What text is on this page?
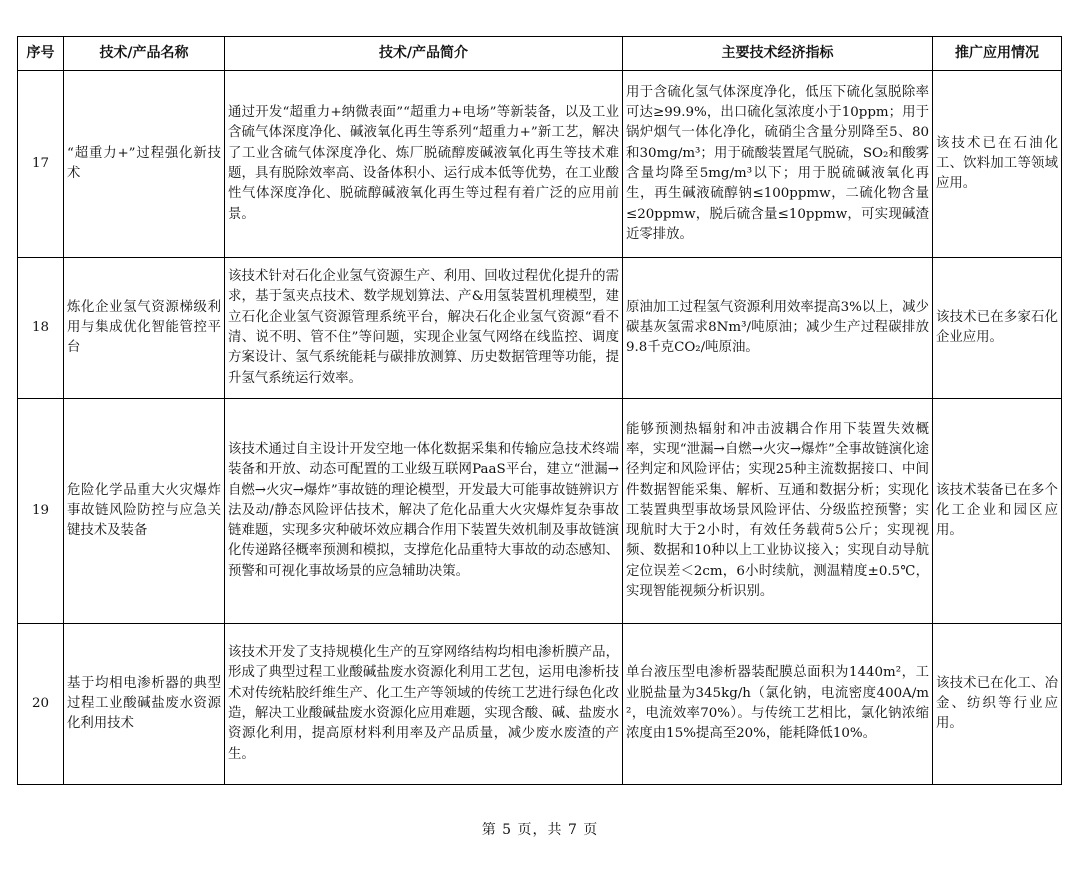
序号	技术/产品名称	技术/产品简介	主要技术经济指标	推广应用情况
17	“超重力+”过程强化新技术	通过开发“超重力+纳微表面”“超重力+电场”等新装备，以及工业含硫气体深度净化、碱液氧化再生等系列“超重力+”新工艺，解决了工业含硫气体深度净化、炼厂脱硫醇废碱液氧化再生等技术难题，具有脱除效率高、设备体积小、运行成本低等优势，在工业酸性气体深度净化、脱硫醇碱液氧化再生等过程有着广泛的应用前景。	用于含硫化氢气体深度净化，低压下硫化氢脱除率可达≥99.9%，出口硫化氢浓度小于10ppm；用于锅炉烟气一体化净化，硫硝尘含量分别降至5、80和30mg/m³；用于硫酸装置尾气脱硫，SO₂和酸雾含量均降至5mg/m³以下；用于脱硫碱液氧化再生，再生碱液硫醇钠≤100ppmw，二硫化物含量≤20ppmw，脱后硫含量≤10ppmw，可实现碱渣近零排放。	该技术已在石油化工、饮料加工等领域应用。
18	炼化企业氢气资源梯级利用与集成优化智能管控平台	该技术针对石化企业氢气资源生产、利用、回收过程优化提升的需求，基于氢夹点技术、数学规划算法、产&用氢装置机理模型，建立石化企业氢气资源管理系统平台，解决石化企业氢气资源“看不清、说不明、管不住”等问题，实现企业氢气网络在线监控、调度方案设计、氢气系统能耗与碳排放测算、历史数据管理等功能，提升氢气系统运行效率。	原油加工过程氢气资源利用效率提高3%以上，减少碳基灰氢需求8Nm³/吨原油；减少生产过程碳排放9.8千克CO₂/吨原油。	该技术已在多家石化企业应用。
19	危险化学品重大火灾爆炸事故链风险防控与应急关键技术及装备	该技术通过自主设计开发空地一体化数据采集和传输应急技术终端装备和开放、动态可配置的工业级互联网PaaS平台，建立“泄漏→自燃→火灾→爆炸”事故链的理论模型，开发最大可能事故链辨识方法及动/静态风险评估技术，解决了危化品重大火灾爆炸复杂事故链难题，实现多灾种破坏效应耦合作用下装置失效机制及事故链演化传递路径概率预测和模拟，支撑危化品重特大事故的动态感知、预警和可视化事故场景的应急辅助决策。	能够预测热辐射和冲击波耦合作用下装置失效概率，实现“泄漏→自燃→火灾→爆炸”全事故链演化途径判定和风险评估；实现25种主流数据接口、中间件数据智能采集、解析、互通和数据分析；实现化工装置典型事故场景风险评估、分级监控预警；实现航时大于2小时，有效任务载荷5公斤；实现视频、数据和10种以上工业协议接入；实现自动导航定位误差＜2cm，6小时续航，测温精度±0.5℃，实现智能视频分析识别。	该技术装备已在多个化工企业和园区应用。
20	基于均相电渗析器的典型过程工业酸碱盐废水资源化利用技术	该技术开发了支持规模化生产的互穿网络结构均相电渗析膜产品，形成了典型过程工业酸碱盐废水资源化利用工艺包，运用电渗析技术对传统粘胶纤维生产、化工生产等领域的传统工艺进行绿色化改造，解决工业酸碱盐废水资源化应用难题，实现含酸、碱、盐废水资源化利用，提高原材料利用率及产品质量，减少废水废渣的产生。	单台液压型电渗析器装配膜总面积为1440m²，工业脱盐量为345kg/h（氯化钠，电流密度400A/m²，电流效率70%）。与传统工艺相比，氯化钠浓缩浓度由15%提高至20%，能耗降低10%。	该技术已在化工、冶金、纺织等行业应用。
第 5 页，共 7 页
